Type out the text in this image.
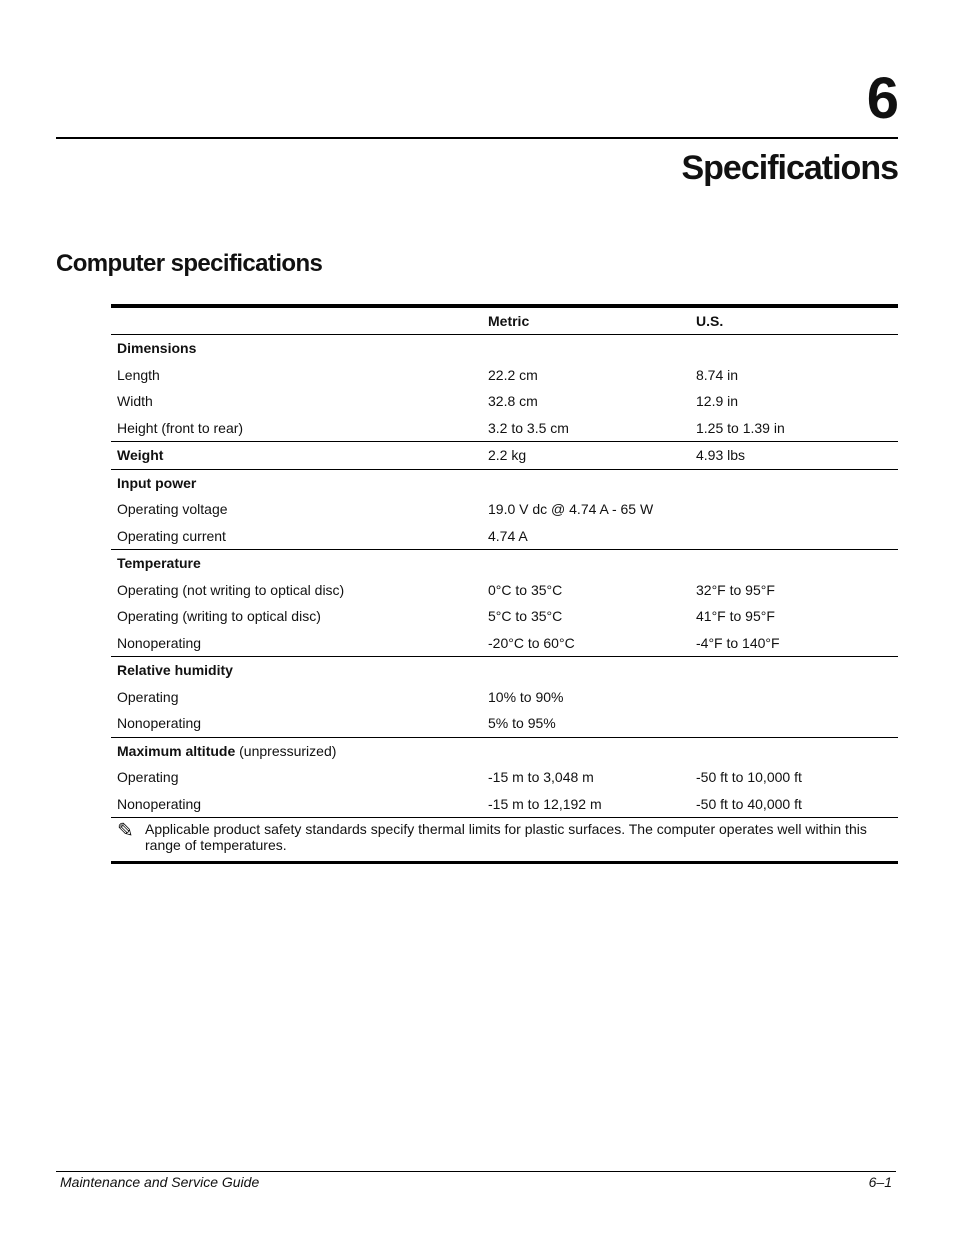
6
Specifications
Computer specifications
	Metric	U.S.
Dimensions		
Length	22.2 cm	8.74 in
Width	32.8 cm	12.9 in
Height (front to rear)	3.2 to 3.5 cm	1.25 to 1.39 in
Weight	2.2 kg	4.93 lbs
Input power		
Operating voltage	19.0 V dc @ 4.74 A - 65 W	
Operating current	4.74 A	
Temperature		
Operating (not writing to optical disc)	0°C to 35°C	32°F to 95°F
Operating (writing to optical disc)	5°C to 35°C	41°F to 95°F
Nonoperating	-20°C to 60°C	-4°F to 140°F
Relative humidity		
Operating	10% to 90%	
Nonoperating	5% to 95%	
Maximum altitude (unpressurized)		
Operating	-15 m to 3,048 m	-50 ft to 10,000 ft
Nonoperating	-15 m to 12,192 m	-50 ft to 40,000 ft

✎ Applicable product safety standards specify thermal limits for plastic surfaces. The computer operates well within this range of temperatures.		
Maintenance and Service Guide	6–1
